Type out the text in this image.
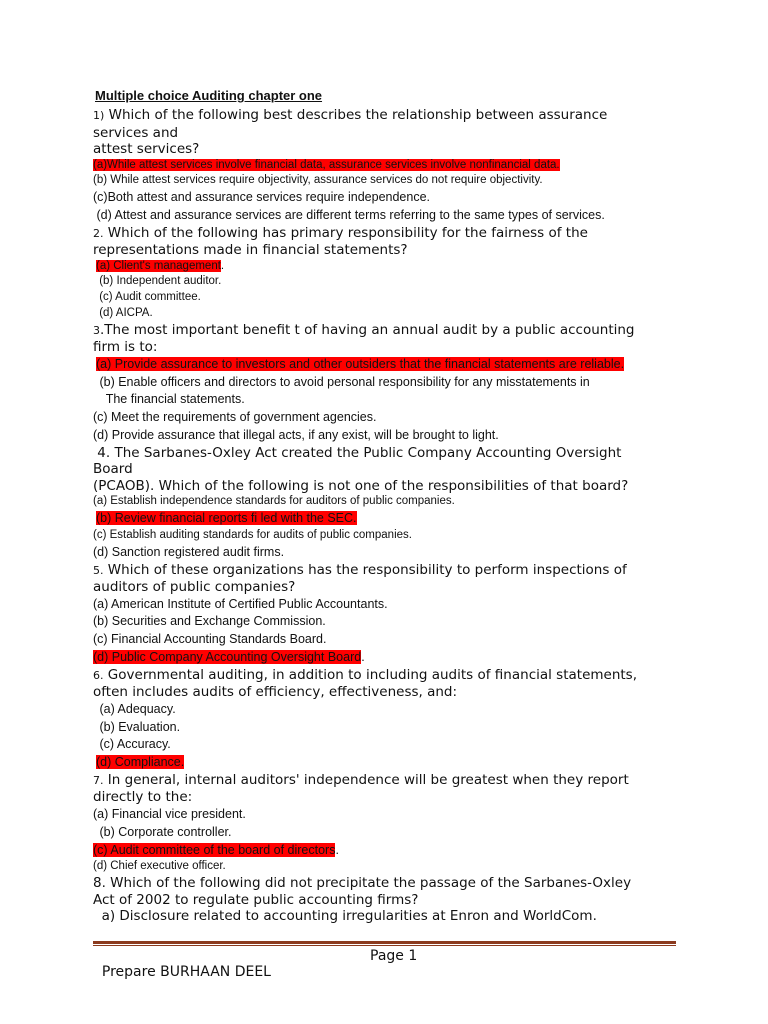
Multiple choice Auditing chapter one
1) Which of the following best describes the relationship between assurance
services and
attest services?
(a)While attest services involve financial data, assurance services involve nonfinancial data.
(b) While attest services require objectivity, assurance services do not require objectivity.
(c)Both attest and assurance services require independence.
(d) Attest and assurance services are different terms referring to the same types of services.
2. Which of the following has primary responsibility for the fairness of the
representations made in financial statements?
(a) Client's management.
(b) Independent auditor.
(c) Audit committee.
(d) AICPA.
3.The most important benefit t of having an annual audit by a public accounting
firm is to:
(a) Provide assurance to investors and other outsiders that the financial statements are reliable.
(b) Enable officers and directors to avoid personal responsibility for any misstatements in
The financial statements.
(c) Meet the requirements of government agencies.
(d) Provide assurance that illegal acts, if any exist, will be brought to light.
4. The Sarbanes-Oxley Act created the Public Company Accounting Oversight
Board
(PCAOB). Which of the following is not one of the responsibilities of that board?
(a) Establish independence standards for auditors of public companies.
(b) Review financial reports fi led with the SEC.
(c) Establish auditing standards for audits of public companies.
(d) Sanction registered audit firms.
5. Which of these organizations has the responsibility to perform inspections of
auditors of public companies?
(a) American Institute of Certified Public Accountants.
(b) Securities and Exchange Commission.
(c) Financial Accounting Standards Board.
(d) Public Company Accounting Oversight Board.
6. Governmental auditing, in addition to including audits of financial statements,
often includes audits of efficiency, effectiveness, and:
(a) Adequacy.
(b) Evaluation.
(c) Accuracy.
(d) Compliance.
7. In general, internal auditors' independence will be greatest when they report
directly to the:
(a) Financial vice president.
(b) Corporate controller.
(c) Audit committee of the board of directors.
(d) Chief executive officer.
8. Which of the following did not precipitate the passage of the Sarbanes-Oxley
Act of 2002 to regulate public accounting firms?
a) Disclosure related to accounting irregularities at Enron and WorldCom.

Prepare BURHAAN DEEL

Page 1
